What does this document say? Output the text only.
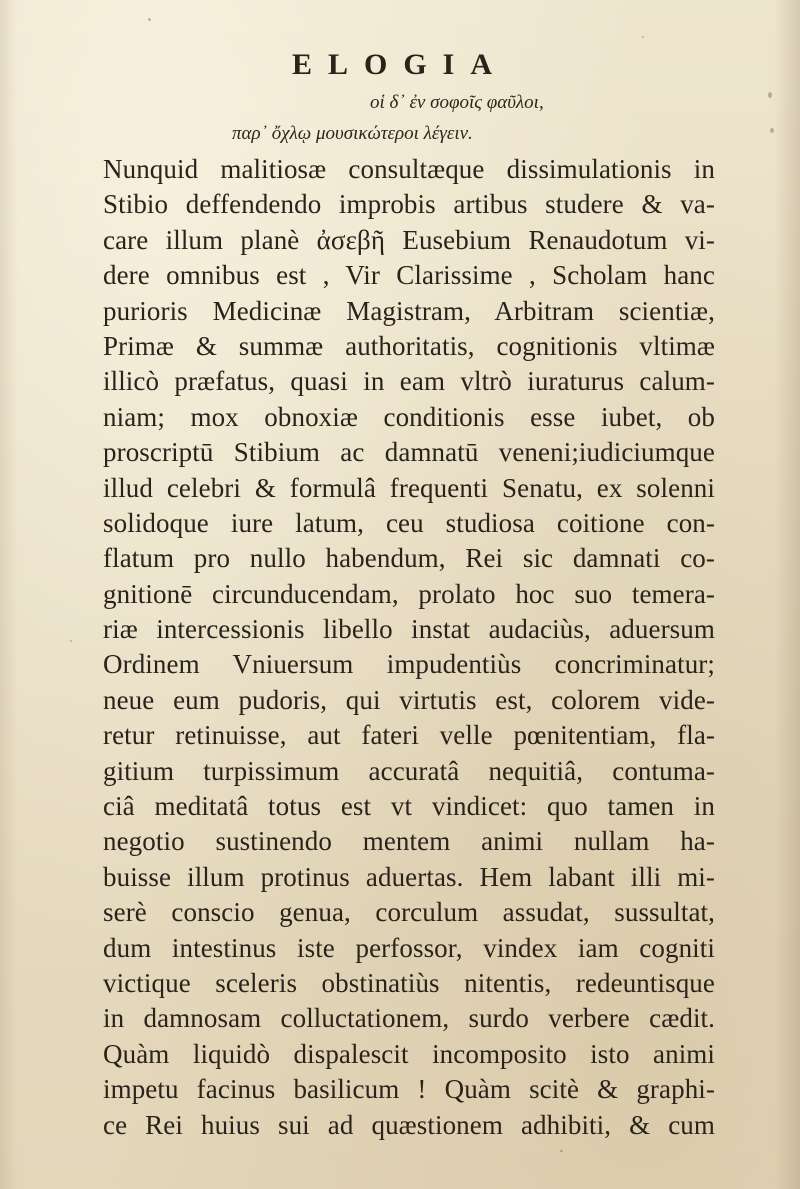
ELOGIA
οἱ δ᾽ ἐν σοφοῖς φαῦλοι,
παρ᾽ ὄχλῳ μουσικώτεροι λέγειν.
Nunquid malitiosæ consultæque dissimulationis in
Stibio deffendendo improbis artibus studere & va-
care illum planè ἀσεβῆ Eusebium Renaudotum vi-
dere omnibus est , Vir Clarissime , Scholam hanc
purioris Medicinæ Magistram, Arbitram scientiæ,
Primæ & summæ authoritatis, cognitionis vltimæ
illicò præfatus, quasi in eam vltrò iuraturus calum-
niam; mox obnoxiæ conditionis esse iubet, ob
proscriptū Stibium ac damnatū veneni;iudiciumque
illud celebri & formulâ frequenti Senatu, ex solenni
solidoque iure latum, ceu studiosa coitione con-
flatum pro nullo habendum, Rei sic damnati co-
gnitionē circunducendam, prolato hoc suo temera-
riæ intercessionis libello instat audaciùs, aduersum
Ordinem Vniuersum impudentiùs concriminatur;
neue eum pudoris, qui virtutis est, colorem vide-
retur retinuisse, aut fateri velle pœnitentiam, fla-
gitium turpissimum accuratâ nequitiâ, contuma-
ciâ meditatâ totus est vt vindicet: quo tamen in
negotio sustinendo mentem animi nullam ha-
buisse illum protinus aduertas. Hem labant illi mi-
serè conscio genua, corculum assudat, sussultat,
dum intestinus iste perfossor, vindex iam cogniti
victique sceleris obstinatiùs nitentis, redeuntisque
in damnosam colluctationem, surdo verbere cædit.
Quàm liquidò dispalescit incomposito isto animi
impetu facinus basilicum ! Quàm scitè & graphi-
ce Rei huius sui ad quæstionem adhibiti, & cum
